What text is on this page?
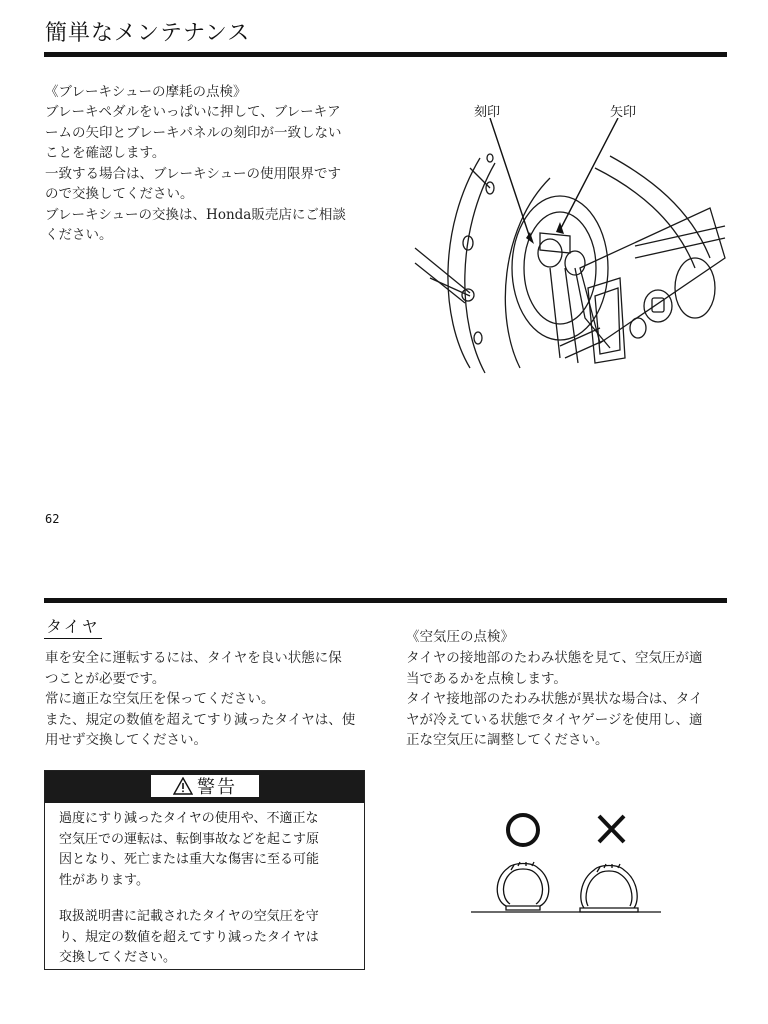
簡単なメンテナンス
《ブレーキシューの摩耗の点検》
ブレーキペダルをいっぱいに押して、ブレーキア
ームの矢印とブレーキパネルの刻印が一致しない
ことを確認します。
一致する場合は、ブレーキシューの使用限界です
ので交換してください。
ブレーキシューの交換は、Honda販売店にご相談
ください。
刻印	矢印
62
タイヤ
車を安全に運転するには、タイヤを良い状態に保
つことが必要です。
常に適正な空気圧を保ってください。
また、規定の数値を超えてすり減ったタイヤは、使
用せず交換してください。
《空気圧の点検》
タイヤの接地部のたわみ状態を見て、空気圧が適
当であるかを点検します。
タイヤ接地部のたわみ状態が異状な場合は、タイ
ヤが冷えている状態でタイヤゲージを使用し、適
正な空気圧に調整してください。
警告
過度にすり減ったタイヤの使用や、不適正な
空気圧での運転は、転倒事故などを起こす原
因となり、死亡または重大な傷害に至る可能
性があります。
取扱説明書に記載されたタイヤの空気圧を守
り、規定の数値を超えてすり減ったタイヤは
交換してください。
